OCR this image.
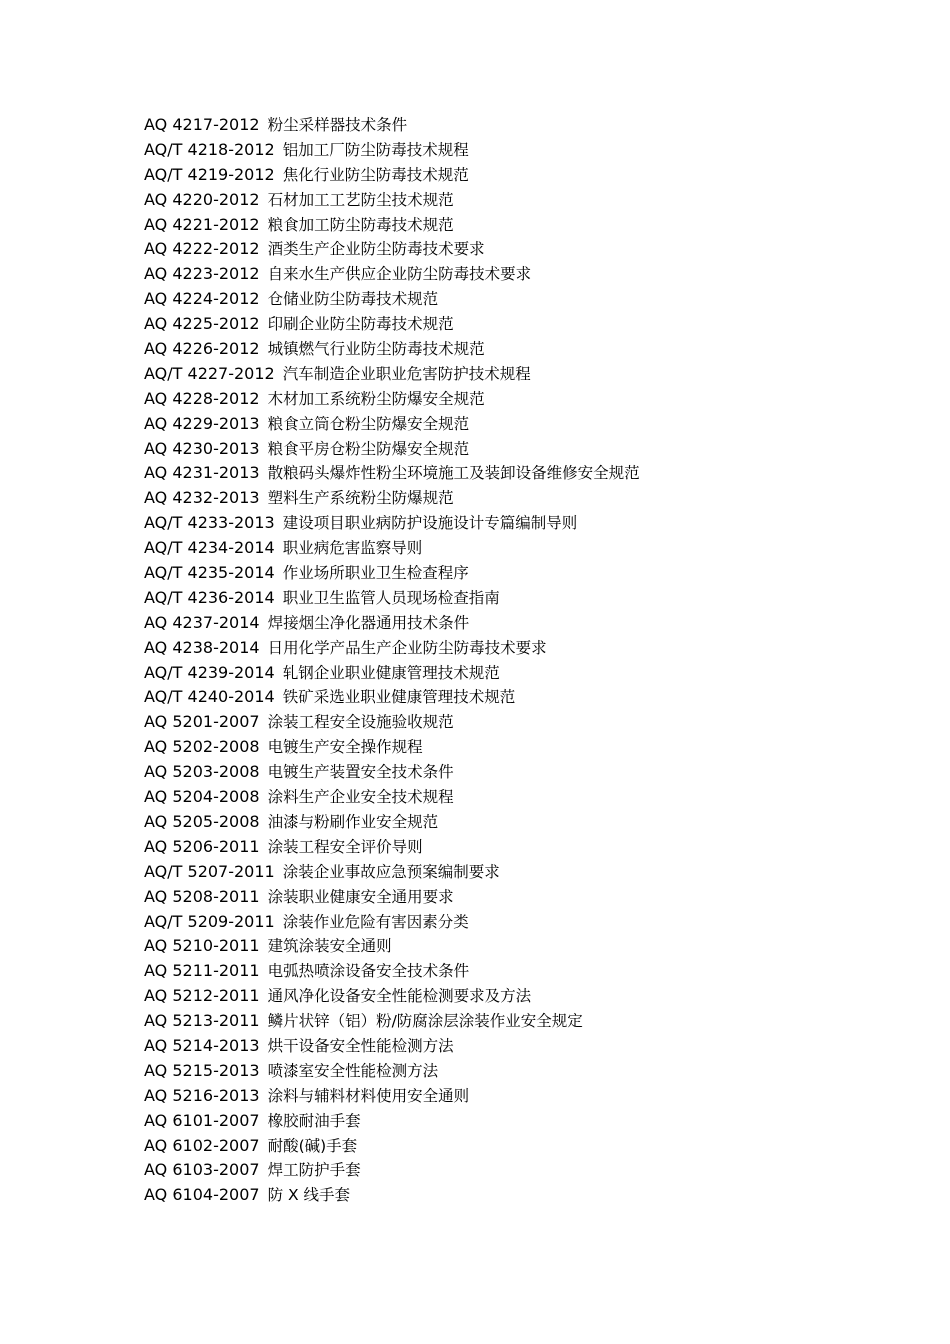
AQ 4217-2012 粉尘采样器技术条件
AQ/T 4218-2012 铝加工厂防尘防毒技术规程
AQ/T 4219-2012 焦化行业防尘防毒技术规范
AQ 4220-2012 石材加工工艺防尘技术规范
AQ 4221-2012 粮食加工防尘防毒技术规范
AQ 4222-2012 酒类生产企业防尘防毒技术要求
AQ 4223-2012 自来水生产供应企业防尘防毒技术要求
AQ 4224-2012 仓储业防尘防毒技术规范
AQ 4225-2012 印刷企业防尘防毒技术规范
AQ 4226-2012 城镇燃气行业防尘防毒技术规范
AQ/T 4227-2012 汽车制造企业职业危害防护技术规程
AQ 4228-2012 木材加工系统粉尘防爆安全规范
AQ 4229-2013 粮食立筒仓粉尘防爆安全规范
AQ 4230-2013 粮食平房仓粉尘防爆安全规范
AQ 4231-2013 散粮码头爆炸性粉尘环境施工及装卸设备维修安全规范
AQ 4232-2013 塑料生产系统粉尘防爆规范
AQ/T 4233-2013 建设项目职业病防护设施设计专篇编制导则
AQ/T 4234-2014 职业病危害监察导则
AQ/T 4235-2014 作业场所职业卫生检查程序
AQ/T 4236-2014 职业卫生监管人员现场检查指南
AQ 4237-2014 焊接烟尘净化器通用技术条件
AQ 4238-2014 日用化学产品生产企业防尘防毒技术要求
AQ/T 4239-2014 轧钢企业职业健康管理技术规范
AQ/T 4240-2014 铁矿采选业职业健康管理技术规范
AQ 5201-2007 涂装工程安全设施验收规范
AQ 5202-2008 电镀生产安全操作规程
AQ 5203-2008 电镀生产装置安全技术条件
AQ 5204-2008 涂料生产企业安全技术规程
AQ 5205-2008 油漆与粉刷作业安全规范
AQ 5206-2011 涂装工程安全评价导则
AQ/T 5207-2011 涂装企业事故应急预案编制要求
AQ 5208-2011 涂装职业健康安全通用要求
AQ/T 5209-2011 涂装作业危险有害因素分类
AQ 5210-2011 建筑涂装安全通则
AQ 5211-2011 电弧热喷涂设备安全技术条件
AQ 5212-2011 通风净化设备安全性能检测要求及方法
AQ 5213-2011 鳞片状锌（铝）粉/防腐涂层涂装作业安全规定
AQ 5214-2013 烘干设备安全性能检测方法
AQ 5215-2013 喷漆室安全性能检测方法
AQ 5216-2013 涂料与辅料材料使用安全通则
AQ 6101-2007 橡胶耐油手套
AQ 6102-2007 耐酸(碱)手套
AQ 6103-2007 焊工防护手套
AQ 6104-2007 防 X 线手套
